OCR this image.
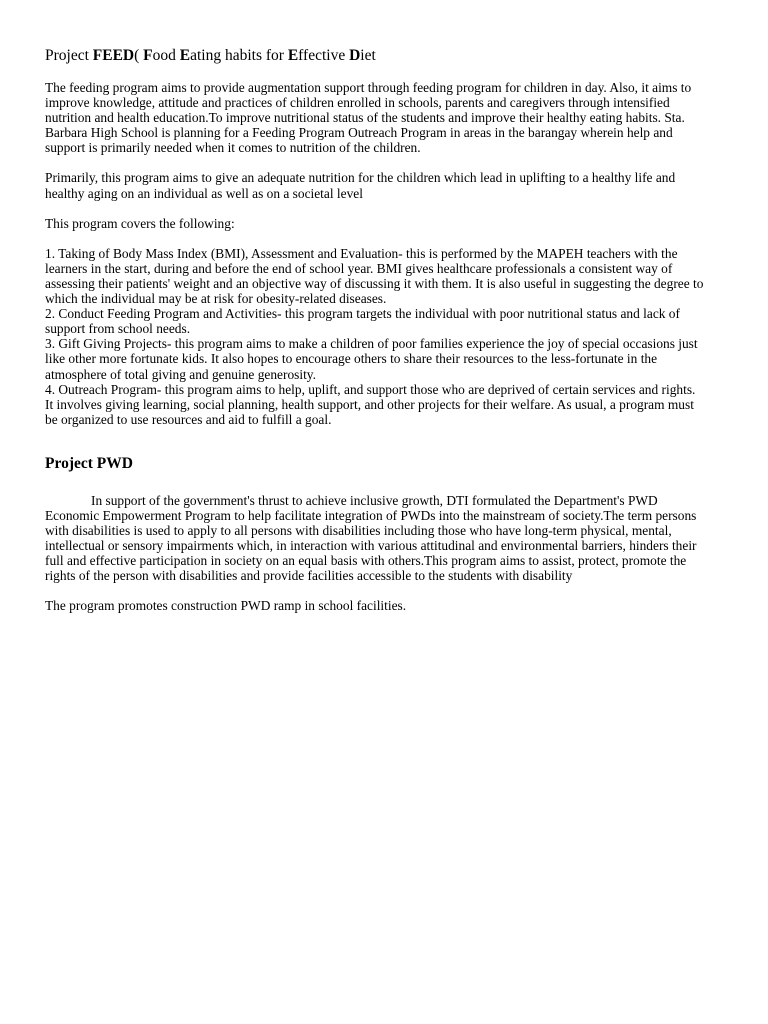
Project FEED( Food Eating habits for Effective Diet

The feeding program aims to provide augmentation support through feeding program for children in day. Also, it aims to improve knowledge, attitude and practices of children enrolled in schools, parents and caregivers through intensified nutrition and health education.To improve nutritional status of the students and improve their healthy eating habits. Sta. Barbara High School is planning for a Feeding Program Outreach Program in areas in the barangay wherein help and support is primarily needed when it comes to nutrition of the children.

Primarily, this program aims to give an adequate nutrition for the children which lead in uplifting to a healthy life and healthy aging on an individual as well as on a societal level

This program covers the following:

1. Taking of Body Mass Index (BMI), Assessment and Evaluation- this is performed by the MAPEH teachers with the learners in the start, during and before the end of school year. BMI gives healthcare professionals a consistent way of assessing their patients' weight and an objective way of discussing it with them. It is also useful in suggesting the degree to which the individual may be at risk for obesity-related diseases.

2. Conduct Feeding Program and Activities- this program targets the individual with poor nutritional status and lack of support from school needs.

3. Gift Giving Projects- this program aims to make a children of poor families experience the joy of special occasions just like other more fortunate kids. It also hopes to encourage others to share their resources to the less-fortunate in the atmosphere of total giving and genuine generosity.

4. Outreach Program- this program aims to help, uplift, and support those who are deprived of certain services and rights. It involves giving learning, social planning, health support, and other projects for their welfare. As usual, a program must be organized to use resources and aid to fulfill a goal.

Project PWD

In support of the government's thrust to achieve inclusive growth, DTI formulated the Department's PWD Economic Empowerment Program to help facilitate integration of PWDs into the mainstream of society.The term persons with disabilities is used to apply to all persons with disabilities including those who have long-term physical, mental, intellectual or sensory impairments which, in interaction with various attitudinal and environmental barriers, hinders their full and effective participation in society on an equal basis with others.This program aims to assist, protect, promote the rights of the person with disabilities and provide facilities accessible to the students with disability

The program promotes construction PWD ramp in school facilities.
